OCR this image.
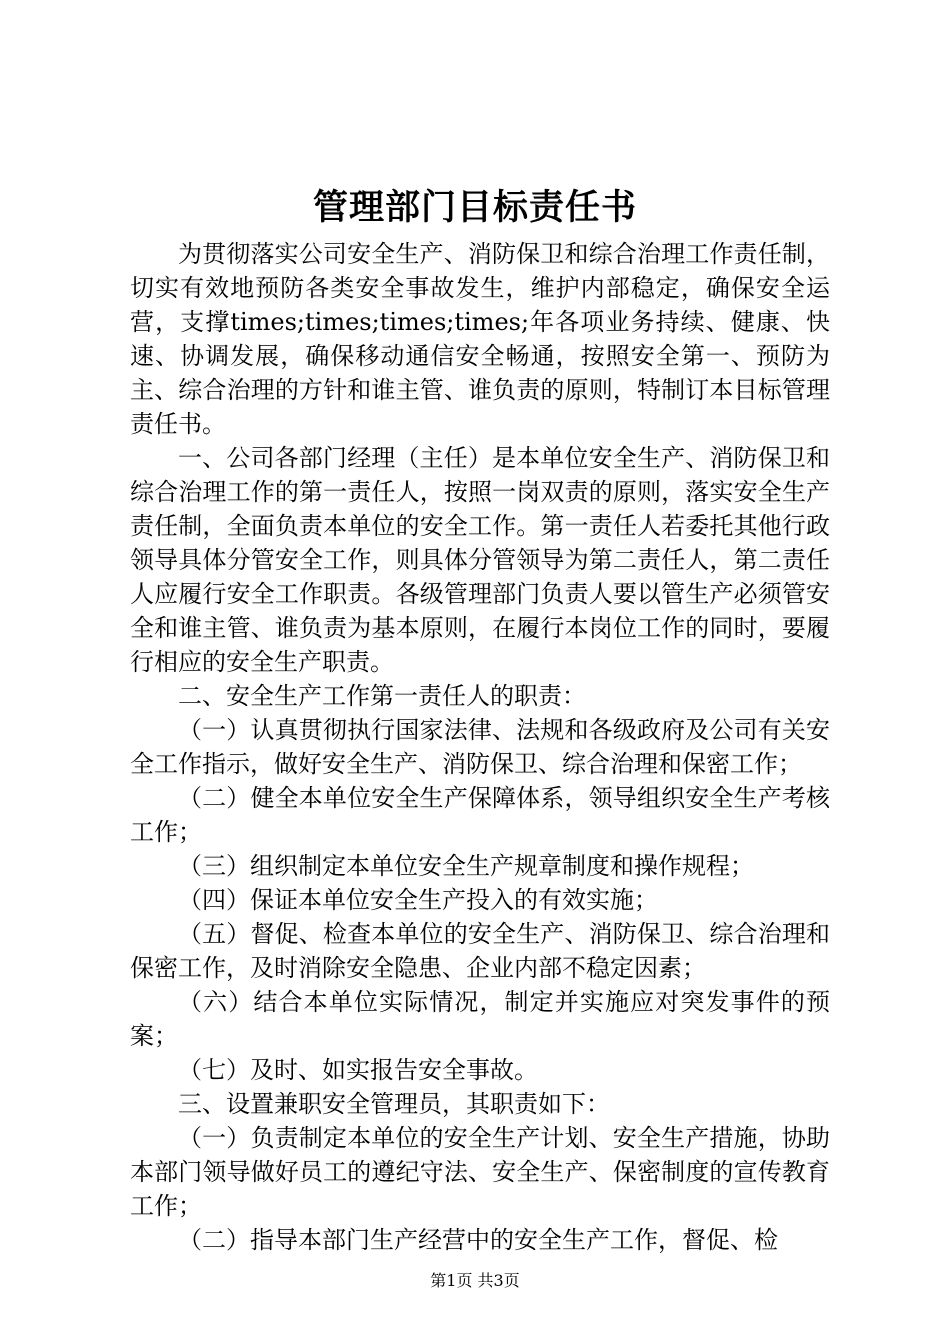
管理部门目标责任书

为贯彻落实公司安全生产、消防保卫和综合治理工作责任制，切实有效地预防各类安全事故发生，维护内部稳定，确保安全运营，支撑times;times;times;times;年各项业务持续、健康、快速、协调发展，确保移动通信安全畅通，按照安全第一、预防为主、综合治理的方针和谁主管、谁负责的原则，特制订本目标管理责任书。

一、公司各部门经理（主任）是本单位安全生产、消防保卫和综合治理工作的第一责任人，按照一岗双责的原则，落实安全生产责任制，全面负责本单位的安全工作。第一责任人若委托其他行政领导具体分管安全工作，则具体分管领导为第二责任人，第二责任人应履行安全工作职责。各级管理部门负责人要以管生产必须管安全和谁主管、谁负责为基本原则，在履行本岗位工作的同时，要履行相应的安全生产职责。

二、安全生产工作第一责任人的职责：

（一）认真贯彻执行国家法律、法规和各级政府及公司有关安全工作指示，做好安全生产、消防保卫、综合治理和保密工作；

（二）健全本单位安全生产保障体系，领导组织安全生产考核工作；

（三）组织制定本单位安全生产规章制度和操作规程；

（四）保证本单位安全生产投入的有效实施；

（五）督促、检查本单位的安全生产、消防保卫、综合治理和保密工作，及时消除安全隐患、企业内部不稳定因素；

（六）结合本单位实际情况，制定并实施应对突发事件的预案；

（七）及时、如实报告安全事故。

三、设置兼职安全管理员，其职责如下：

（一）负责制定本单位的安全生产计划、安全生产措施，协助本部门领导做好员工的遵纪守法、安全生产、保密制度的宣传教育工作；

（二）指导本部门生产经营中的安全生产工作，督促、检

第1页 共3页
